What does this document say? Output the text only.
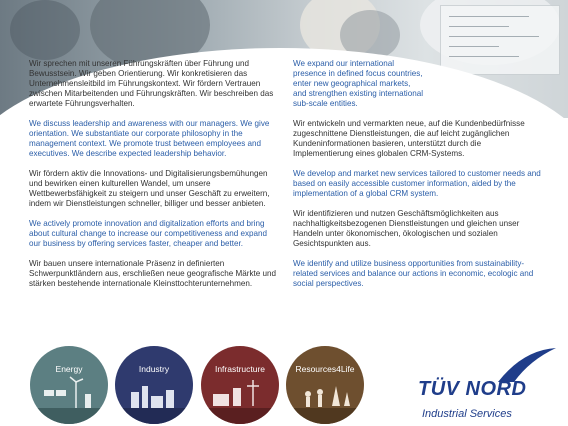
Wir sprechen mit unseren Führungskräften über Führung und Bewusstsein. Wir geben Orientierung. Wir konkretisieren das Unternehmensleitbild im Führungskontext. Wir fördern Vertrauen zwischen Mitarbeitenden und Führungskräften. Wir beschreiben das erwartete Führungsverhalten.

We discuss leadership and awareness with our managers. We give orientation. We substantiate our corporate philosophy in the management context. We promote trust between employees and executives. We describe expected leadership behavior.

Wir fördern aktiv die Innovations- und Digitalisierungsbemühungen und bewirken einen kulturellen Wandel, um unsere Wettbewerbsfähigkeit zu steigern und unser Geschäft zu erweitern, indem wir Dienstleistungen schneller, billiger und besser anbieten.

We actively promote innovation and digitalization efforts and bring about cultural change to increase our competitiveness and expand our business by offering services faster, cheaper and better.

Wir bauen unsere internationale Präsenz in definierten Schwerpunktländern aus, erschließen neue geografische Märkte und stärken bestehende internationale Kleinsttochterunternehmen.

We expand our international presence in defined focus countries, enter new geographical markets, and strengthen existing international sub-scale entities.

Wir entwickeln und vermarkten neue, auf die Kundenbedürfnisse zugeschnittene Dienstleistungen, die auf leicht zugänglichen Kundeninformationen basieren, unterstützt durch die Implementierung eines globalen CRM-Systems.

We develop and market new services tailored to customer needs and based on easily accessible customer information, aided by the implementation of a global CRM system.

Wir identifizieren und nutzen Geschäftsmöglichkeiten aus nachhaltigkeitsbezogenen Dienstleistungen und gleichen unser Handeln unter ökonomischen, ökologischen und sozialen Gesichtspunkten aus.

We identify and utilize business opportunities from sustainability-related services and balance our actions in economic, ecologic and social perspectives.

Energy	Industry	Infrastructure	Resources4Life
TÜV NORD
Industrial Services
